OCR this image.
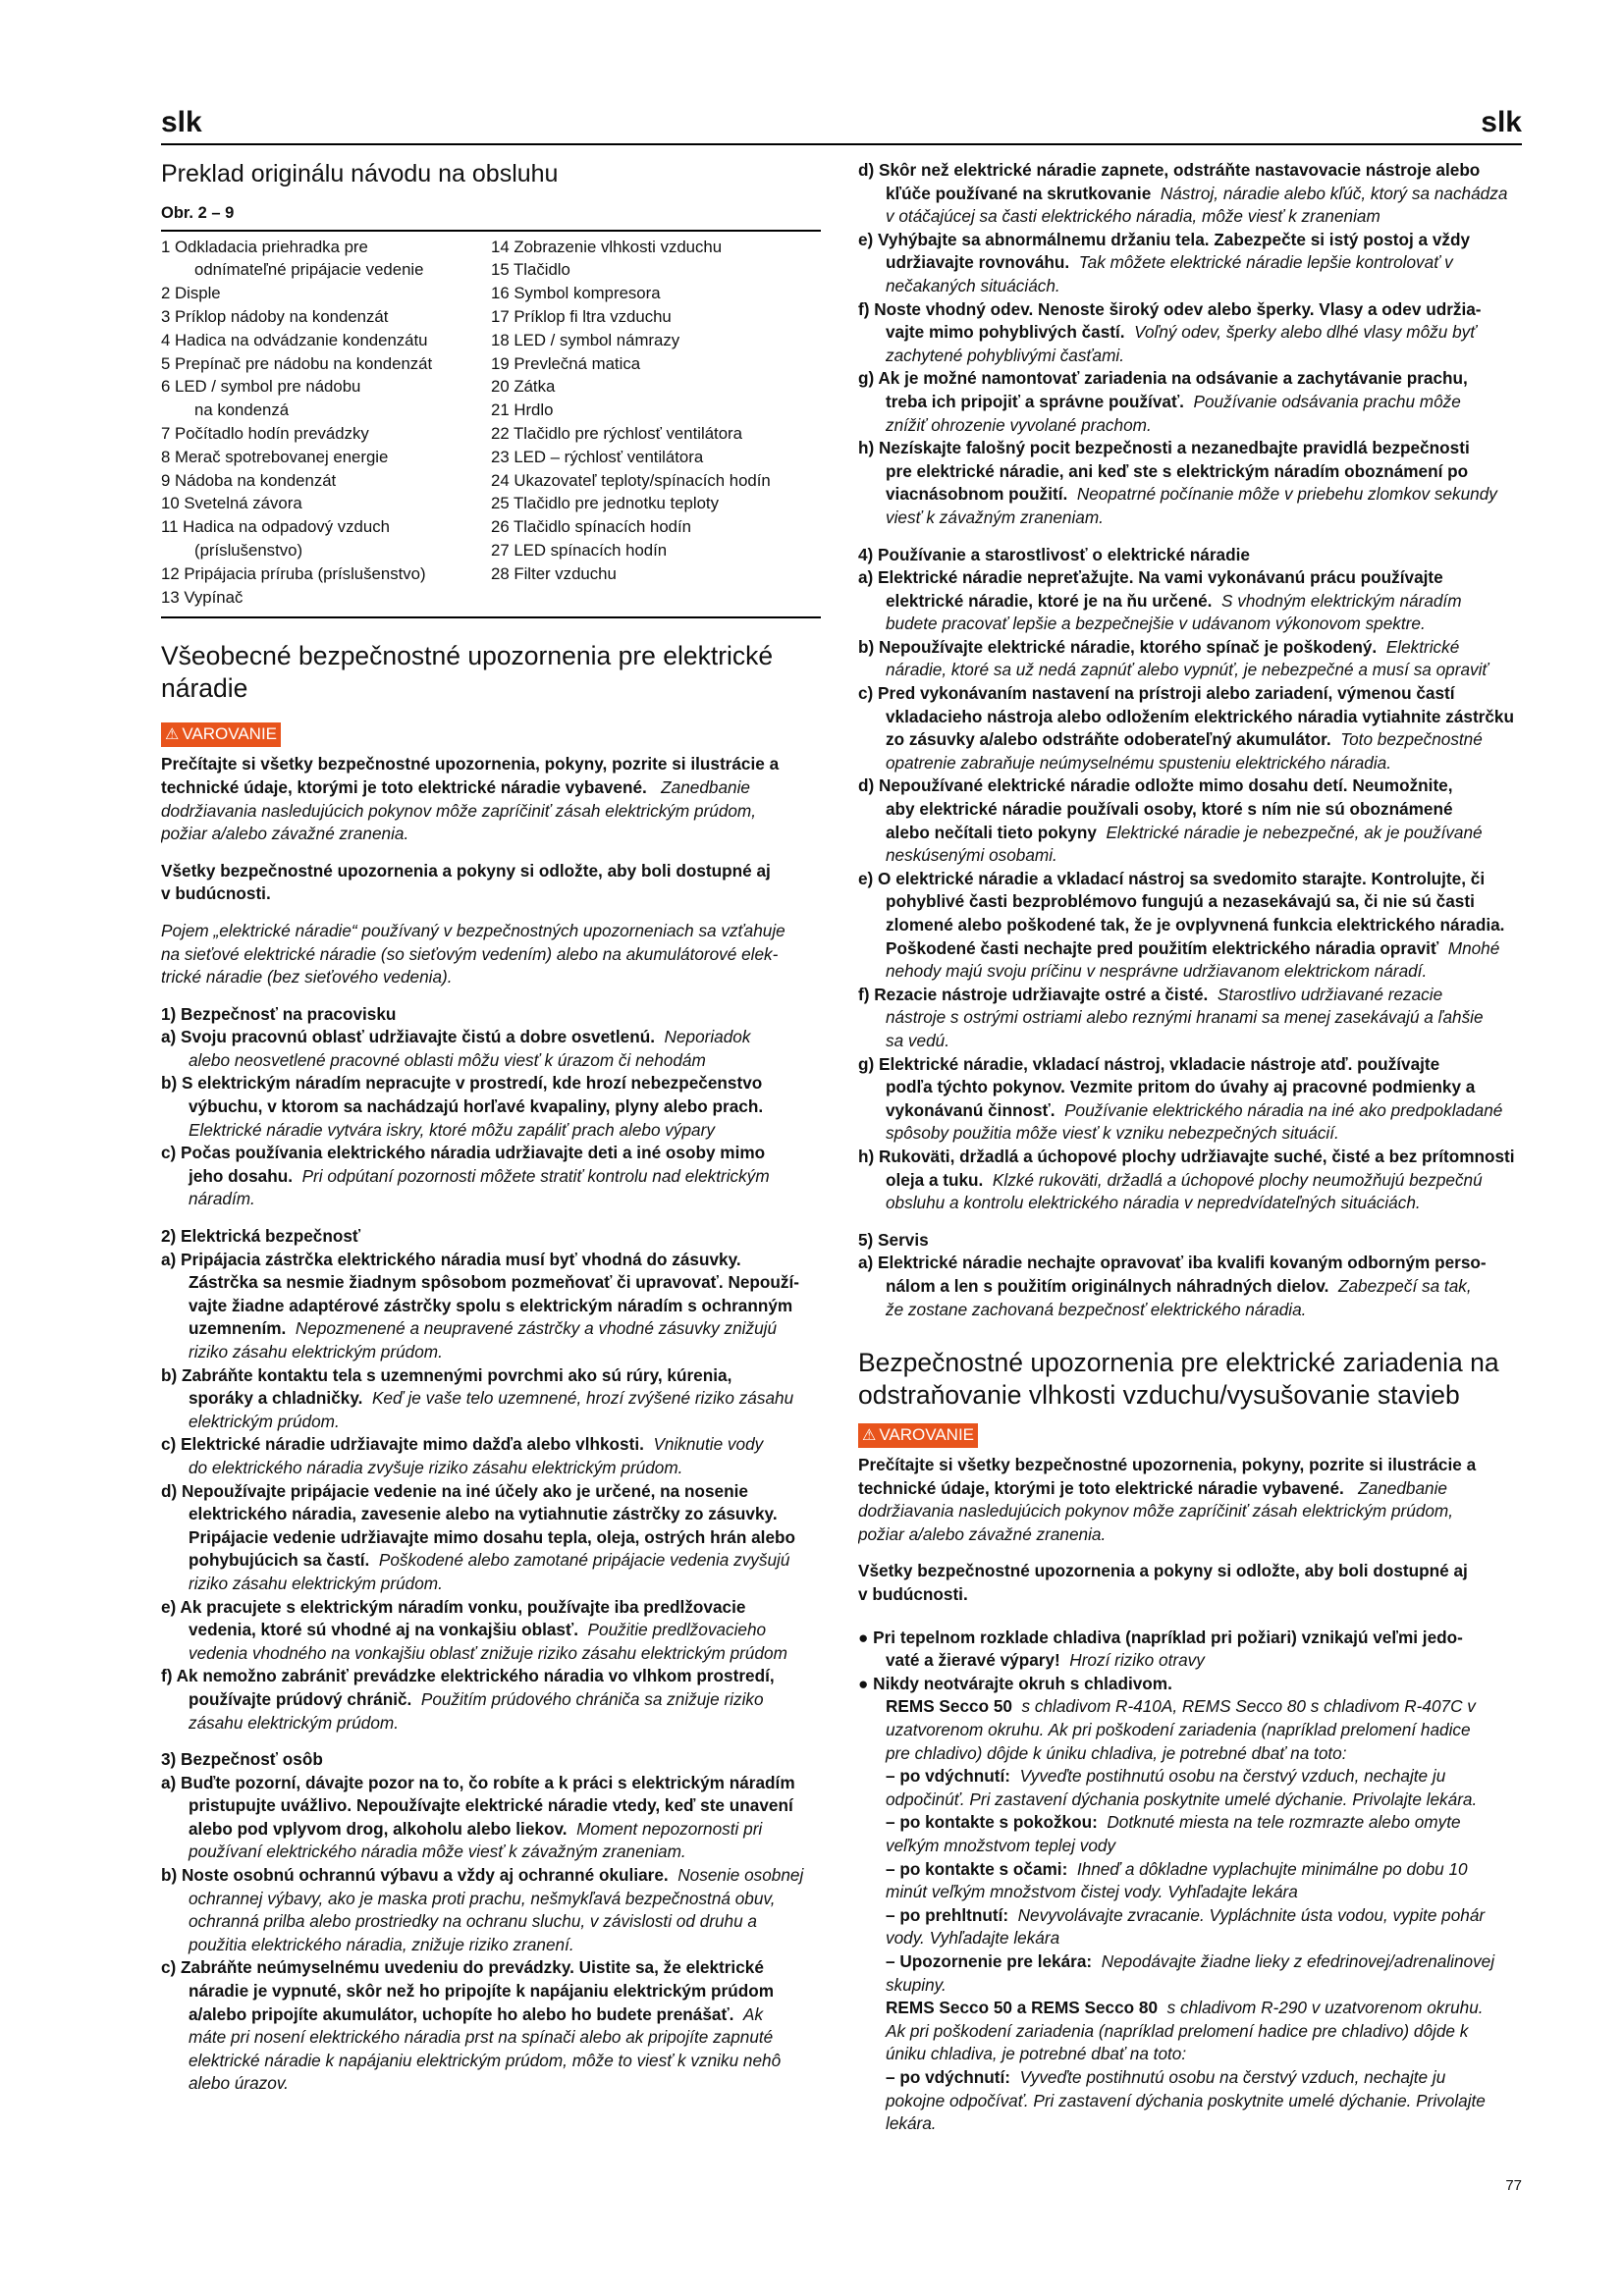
slk	slk
Preklad originálu návodu na obsluhu
Obr. 2 – 9
1 Odkladacia priehradka pre
odnímateľné pripájacie vedenie
2 Disple
3 Príklop nádoby na kondenzát
4 Hadica na odvádzanie kondenzátu
5 Prepínač pre nádobu na kondenzát
6 LED / symbol pre nádobu
na kondenzá
7 Počítadlo hodín prevádzky
8 Merač spotrebovanej energie
9 Nádoba na kondenzát
10 Svetelná závora
11 Hadica na odpadový vzduch
(príslušenstvo)
12 Pripájacia príruba (príslušenstvo)
13 Vypínač
14 Zobrazenie vlhkosti vzduchu
15 Tlačidlo
16 Symbol kompresora
17 Príklop fi ltra vzduchu
18 LED / symbol námrazy
19 Prevlečná matica
20 Zátka
21 Hrdlo
22 Tlačidlo pre rýchlosť ventilátora
23 LED – rýchlosť ventilátora
24 Ukazovateľ teploty/spínacích hodín
25 Tlačidlo pre jednotku teploty
26 Tlačidlo spínacích hodín
27 LED spínacích hodín
28 Filter vzduchu
Všeobecné bezpečnostné upozornenia pre elektrické
náradie
⚠ VAROVANIE
Prečítajte si všetky bezpečnostné upozornenia, pokyny, pozrite si ilustrácie a
technické údaje, ktorými je toto elektrické náradie vybavené. Zanedbanie
dodržiavania nasledujúcich pokynov môže zapríčiniť zásah elektrickým prúdom,
požiar a/alebo závažné zranenia.
Všetky bezpečnostné upozornenia a pokyny si odložte, aby boli dostupné aj
v budúcnosti.
Pojem „elektrické náradie“ používaný v bezpečnostných upozorneniach sa vzťahuje
na sieťové elektrické náradie (so sieťovým vedením) alebo na akumulátorové elek-
trické náradie (bez sieťového vedenia).
1) Bezpečnosť na pracovisku
a) Svoju pracovnú oblasť udržiavajte čistú a dobre osvetlenú. Neporiadok
alebo neosvetlené pracovné oblasti môžu viesť k úrazom či nehodám
b) S elektrickým náradím nepracujte v prostredí, kde hrozí nebezpečenstvo
výbuchu, v ktorom sa nachádzajú horľavé kvapaliny, plyny alebo prach.
Elektrické náradie vytvára iskry, ktoré môžu zapáliť prach alebo výpary
c) Počas používania elektrického náradia udržiavajte deti a iné osoby mimo
jeho dosahu. Pri odpútaní pozornosti môžete stratiť kontrolu nad elektrickým
náradím.
2) Elektrická bezpečnosť
a) Pripájacia zástrčka elektrického náradia musí byť vhodná do zásuvky.
Zástrčka sa nesmie žiadnym spôsobom pozmeňovať či upravovať. Nepouží-
vajte žiadne adaptérové zástrčky spolu s elektrickým náradím s ochranným
uzemnením. Nepozmenené a neupravené zástrčky a vhodné zásuvky znižujú
riziko zásahu elektrickým prúdom.
b) Zabráňte kontaktu tela s uzemnenými povrchmi ako sú rúry, kúrenia,
sporáky a chladničky. Keď je vaše telo uzemnené, hrozí zvýšené riziko zásahu
elektrickým prúdom.
c) Elektrické náradie udržiavajte mimo dažďa alebo vlhkosti. Vniknutie vody
do elektrického náradia zvyšuje riziko zásahu elektrickým prúdom.
d) Nepoužívajte pripájacie vedenie na iné účely ako je určené, na nosenie
elektrického náradia, zavesenie alebo na vytiahnutie zástrčky zo zásuvky.
Pripájacie vedenie udržiavajte mimo dosahu tepla, oleja, ostrých hrán alebo
pohybujúcich sa častí. Poškodené alebo zamotané pripájacie vedenia zvyšujú
riziko zásahu elektrickým prúdom.
e) Ak pracujete s elektrickým náradím vonku, používajte iba predlžovacie
vedenia, ktoré sú vhodné aj na vonkajšiu oblasť. Použitie predlžovacieho
vedenia vhodného na vonkajšiu oblasť znižuje riziko zásahu elektrickým prúdom
f) Ak nemožno zabrániť prevádzke elektrického náradia vo vlhkom prostredí,
používajte prúdový chránič. Použitím prúdového chrániča sa znižuje riziko
zásahu elektrickým prúdom.
3) Bezpečnosť osôb
a) Buďte pozorní, dávajte pozor na to, čo robíte a k práci s elektrickým náradím
pristupujte uvážlivo. Nepoužívajte elektrické náradie vtedy, keď ste unavení
alebo pod vplyvom drog, alkoholu alebo liekov. Moment nepozornosti pri
používaní elektrického náradia môže viesť k závažným zraneniam.
b) Noste osobnú ochrannú výbavu a vždy aj ochranné okuliare. Nosenie osobnej
ochrannej výbavy, ako je maska proti prachu, nešmykľavá bezpečnostná obuv,
ochranná prilba alebo prostriedky na ochranu sluchu, v závislosti od druhu a
použitia elektrického náradia, znižuje riziko zranení.
c) Zabráňte neúmyselnému uvedeniu do prevádzky. Uistite sa, že elektrické
náradie je vypnuté, skôr než ho pripojíte k napájaniu elektrickým prúdom
a/alebo pripojíte akumulátor, uchopíte ho alebo ho budete prenášať. Ak
máte pri nosení elektrického náradia prst na spínači alebo ak pripojíte zapnuté
elektrické náradie k napájaniu elektrickým prúdom, môže to viesť k vzniku nehô
alebo úrazov.
d) Skôr než elektrické náradie zapnete, odstráňte nastavovacie nástroje alebo
kľúče používané na skrutkovanie Nástroj, náradie alebo kľúč, ktorý sa nachádza
v otáčajúcej sa časti elektrického náradia, môže viesť k zraneniam
e) Vyhýbajte sa abnormálnemu držaniu tela. Zabezpečte si istý postoj a vždy
udržiavajte rovnováhu. Tak môžete elektrické náradie lepšie kontrolovať v
nečakaných situáciách.
f) Noste vhodný odev. Nenoste široký odev alebo šperky. Vlasy a odev udržia-
vajte mimo pohyblivých častí. Voľný odev, šperky alebo dlhé vlasy môžu byť
zachytené pohyblivými časťami.
g) Ak je možné namontovať zariadenia na odsávanie a zachytávanie prachu,
treba ich pripojiť a správne používať. Používanie odsávania prachu môže
znížiť ohrozenie vyvolané prachom.
h) Nezískajte falošný pocit bezpečnosti a nezanedbajte pravidlá bezpečnosti
pre elektrické náradie, ani keď ste s elektrickým náradím oboznámení po
viacnásobnom použití. Neopatrné počínanie môže v priebehu zlomkov sekundy
viesť k závažným zraneniam.
4) Používanie a starostlivosť o elektrické náradie
a) Elektrické náradie nepreťažujte. Na vami vykonávanú prácu používajte
elektrické náradie, ktoré je na ňu určené. S vhodným elektrickým náradím
budete pracovať lepšie a bezpečnejšie v udávanom výkonovom spektre.
b) Nepoužívajte elektrické náradie, ktorého spínač je poškodený. Elektrické
náradie, ktoré sa už nedá zapnúť alebo vypnúť, je nebezpečné a musí sa opraviť
c) Pred vykonávaním nastavení na prístroji alebo zariadení, výmenou častí
vkladacieho nástroja alebo odložením elektrického náradia vytiahnite zástrčku
zo zásuvky a/alebo odstráňte odoberateľný akumulátor. Toto bezpečnostné
opatrenie zabraňuje neúmyselnému spusteniu elektrického náradia.
d) Nepoužívané elektrické náradie odložte mimo dosahu detí. Neumožnite,
aby elektrické náradie používali osoby, ktoré s ním nie sú oboznámené
alebo nečítali tieto pokyny Elektrické náradie je nebezpečné, ak je používané
neskúsenými osobami.
e) O elektrické náradie a vkladací nástroj sa svedomito starajte. Kontrolujte, či
pohyblivé časti bezproblémovo fungujú a nezasekávajú sa, či nie sú časti
zlomené alebo poškodené tak, že je ovplyvnená funkcia elektrického náradia.
Poškodené časti nechajte pred použitím elektrického náradia opraviť Mnohé
nehody majú svoju príčinu v nesprávne udržiavanom elektrickom náradí.
f) Rezacie nástroje udržiavajte ostré a čisté. Starostlivo udržiavané rezacie
nástroje s ostrými ostriami alebo reznými hranami sa menej zasekávajú a ľahšie
sa vedú.
g) Elektrické náradie, vkladací nástroj, vkladacie nástroje atď. používajte
podľa týchto pokynov. Vezmite pritom do úvahy aj pracovné podmienky a
vykonávanú činnosť. Používanie elektrického náradia na iné ako predpokladané
spôsoby použitia môže viesť k vzniku nebezpečných situácií.
h) Rukoväti, držadlá a úchopové plochy udržiavajte suché, čisté a bez prítomnosti
oleja a tuku. Klzké rukoväti, držadlá a úchopové plochy neumožňujú bezpečnú
obsluhu a kontrolu elektrického náradia v nepredvídateľných situáciách.
5) Servis
a) Elektrické náradie nechajte opravovať iba kvalifi kovaným odborným perso-
nálom a len s použitím originálnych náhradných dielov. Zabezpečí sa tak,
že zostane zachovaná bezpečnosť elektrického náradia.
Bezpečnostné upozornenia pre elektrické zariadenia na
odstraňovanie vlhkosti vzduchu/vysušovanie stavieb
⚠ VAROVANIE
Prečítajte si všetky bezpečnostné upozornenia, pokyny, pozrite si ilustrácie a
technické údaje, ktorými je toto elektrické náradie vybavené. Zanedbanie
dodržiavania nasledujúcich pokynov môže zapríčiniť zásah elektrickým prúdom,
požiar a/alebo závažné zranenia.
Všetky bezpečnostné upozornenia a pokyny si odložte, aby boli dostupné aj
v budúcnosti.
● Pri tepelnom rozklade chladiva (napríklad pri požiari) vznikajú veľmi jedo-
vaté a žieravé výpary! Hrozí riziko otravy
● Nikdy neotvárajte okruh s chladivom.
REMS Secco 50 s chladivom R-410A, REMS Secco 80 s chladivom R-407C v
uzatvorenom okruhu. Ak pri poškodení zariadenia (napríklad prelomení hadice
pre chladivo) dôjde k úniku chladiva, je potrebné dbať na toto:
– po vdýchnutí: Vyveďte postihnutú osobu na čerstvý vzduch, nechajte ju
odpočinúť. Pri zastavení dýchania poskytnite umelé dýchanie. Privolajte lekára.
– po kontakte s pokožkou: Dotknuté miesta na tele rozmrazte alebo omyte
veľkým množstvom teplej vody
– po kontakte s očami: Ihneď a dôkladne vyplachujte minimálne po dobu 10
minút veľkým množstvom čistej vody. Vyhľadajte lekára
– po prehltnutí: Nevyvolávajte zvracanie. Vypláchnite ústa vodou, vypite pohár
vody. Vyhľadajte lekára
– Upozornenie pre lekára: Nepodávajte žiadne lieky z efedrinovej/adrenalinovej
skupiny.
REMS Secco 50 a REMS Secco 80 s chladivom R-290 v uzatvorenom okruhu.
Ak pri poškodení zariadenia (napríklad prelomení hadice pre chladivo) dôjde k
úniku chladiva, je potrebné dbať na toto:
– po vdýchnutí: Vyveďte postihnutú osobu na čerstvý vzduch, nechajte ju
pokojne odpočívať. Pri zastavení dýchania poskytnite umelé dýchanie. Privolajte
lekára.
77
